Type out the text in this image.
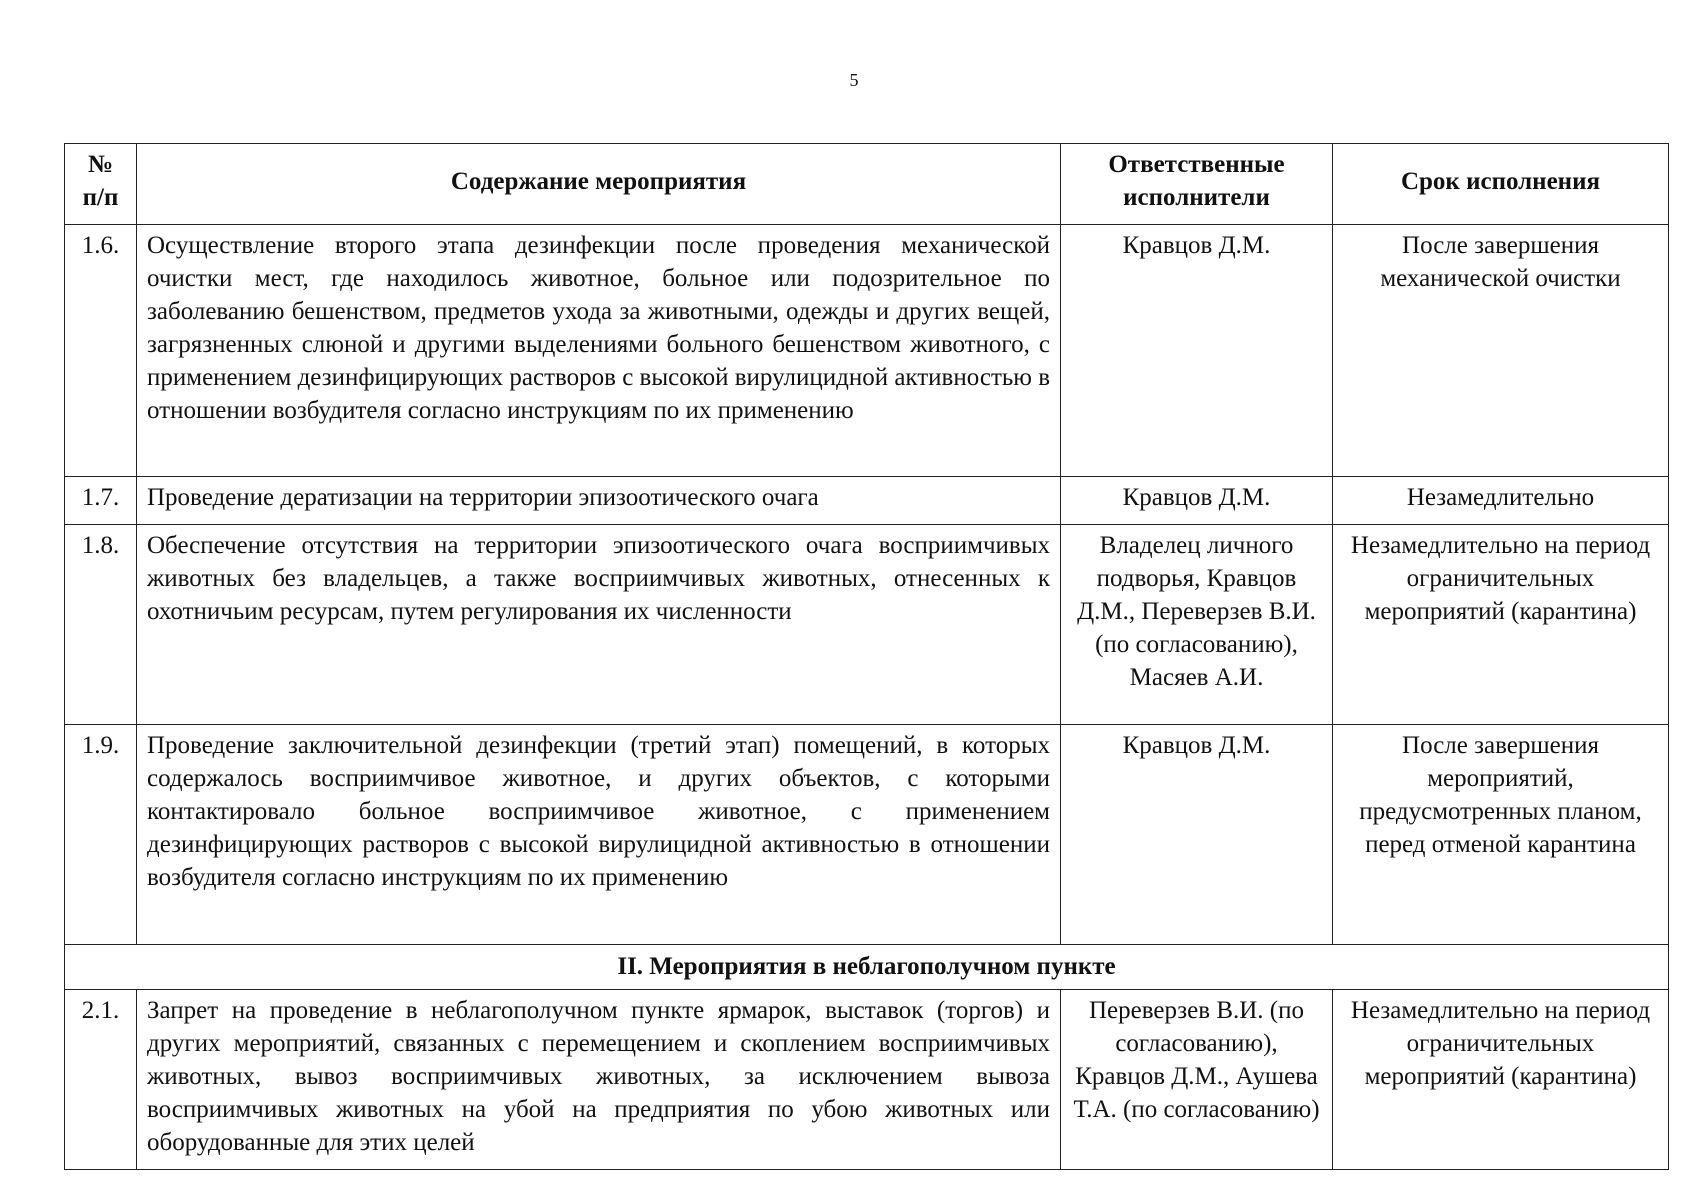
5
№ п/п	Содержание мероприятия	Ответственные исполнители	Срок исполнения
1.6.	Осуществление второго этапа дезинфекции после проведения механической очистки мест, где находилось животное, больное или подозрительное по заболеванию бешенством, предметов ухода за животными, одежды и других вещей, загрязненных слюной и другими выделениями больного бешенством животного, с применением дезинфицирующих растворов с высокой вирулицидной активностью в отношении возбудителя согласно инструкциям по их применению	Кравцов Д.М.	После завершения механической очистки
1.7.	Проведение дератизации на территории эпизоотического очага	Кравцов Д.М.	Незамедлительно
1.8.	Обеспечение отсутствия на территории эпизоотического очага восприимчивых животных без владельцев, а также восприимчивых животных, отнесенных к охотничьим ресурсам, путем регулирования их численности	Владелец личного подворья, Кравцов Д.М., Переверзев В.И. (по согласованию), Масяев А.И.	Незамедлительно на период ограничительных мероприятий (карантина)
1.9.	Проведение заключительной дезинфекции (третий этап) помещений, в которых содержалось восприимчивое животное, и других объектов, с которыми контактировало больное восприимчивое животное, с применением дезинфицирующих растворов с высокой вирулицидной активностью в отношении возбудителя согласно инструкциям по их применению	Кравцов Д.М.	После завершения мероприятий, предусмотренных планом, перед отменой карантина
II. Мероприятия в неблагополучном пункте			
2.1.	Запрет на проведение в неблагополучном пункте ярмарок, выставок (торгов) и других мероприятий, связанных с перемещением и скоплением восприимчивых животных, вывоз восприимчивых животных, за исключением вывоза восприимчивых животных на убой на предприятия по убою животных или оборудованные для этих целей	Переверзев В.И. (по согласованию), Кравцов Д.М., Аушева Т.А. (по согласованию)	Незамедлительно на период ограничительных мероприятий (карантина)
